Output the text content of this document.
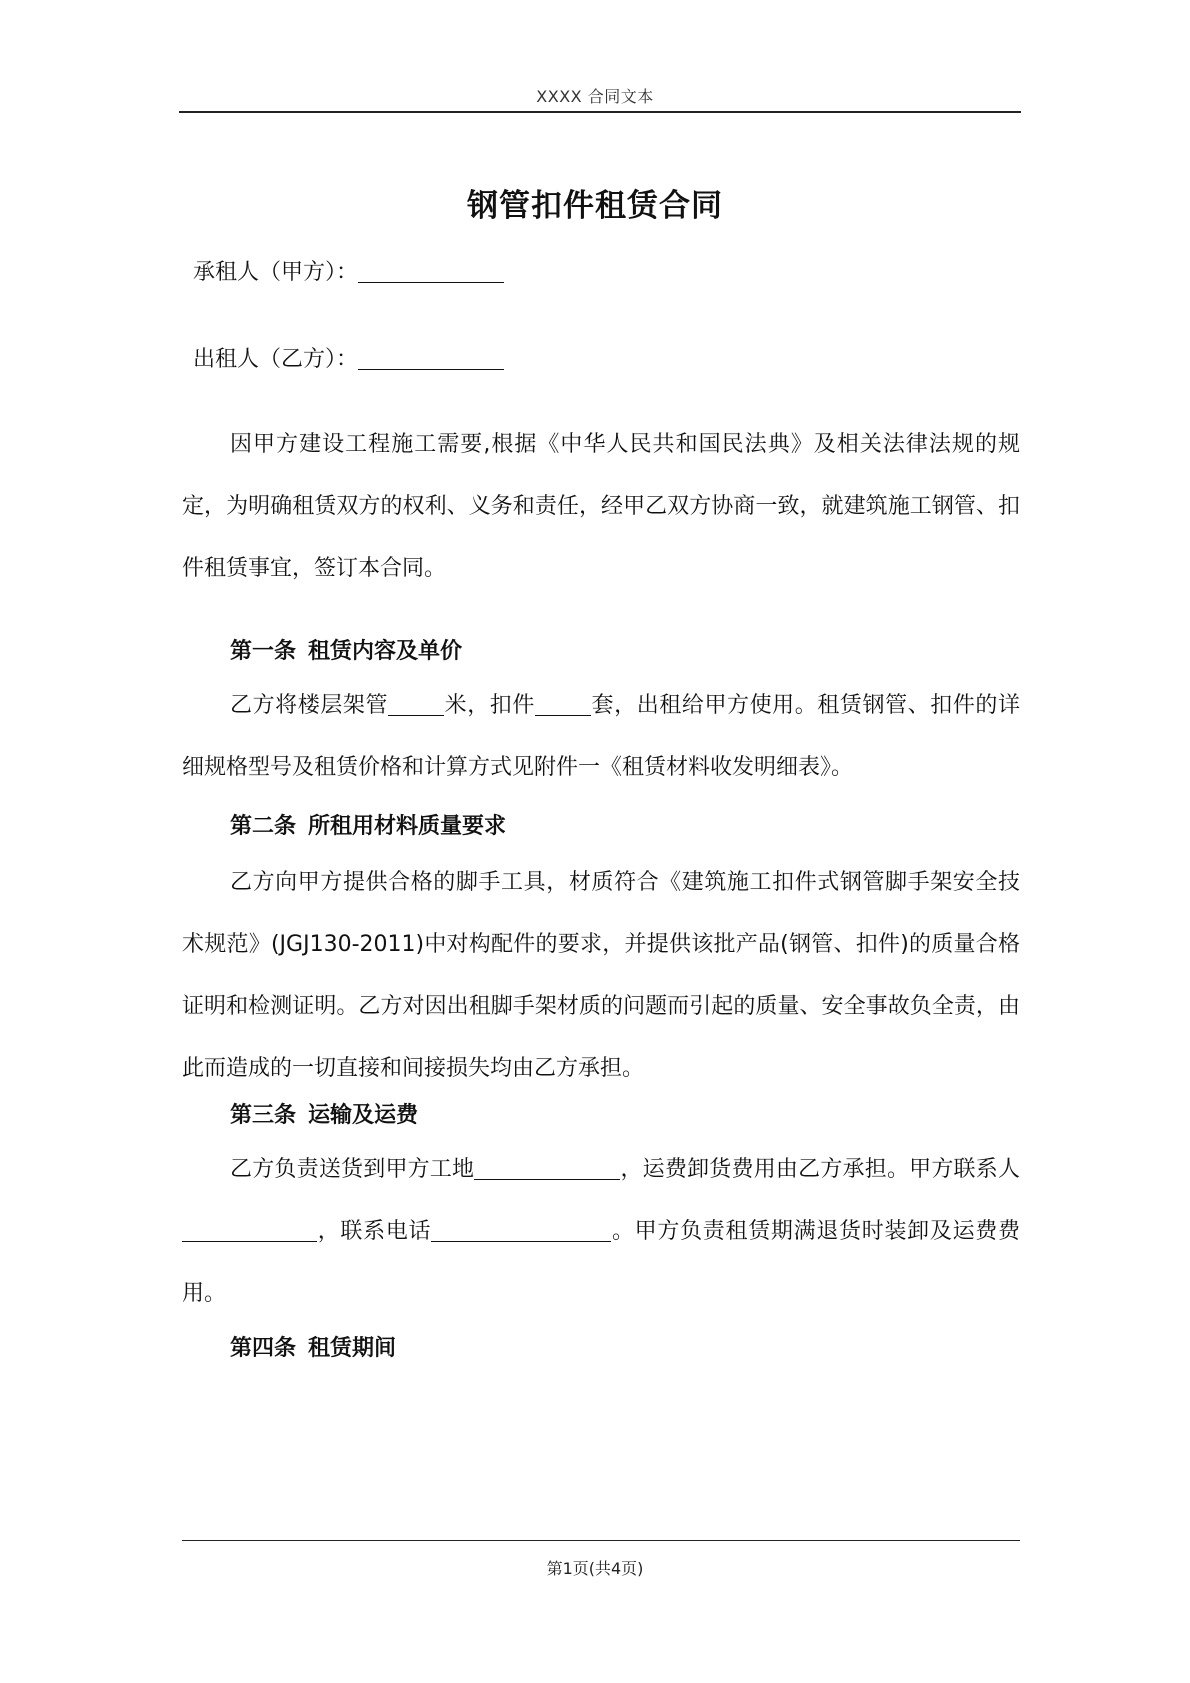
XXXX 合同文本
钢管扣件租赁合同
承租人（甲方）：
出租人（乙方）：

因甲方建设工程施工需要,根据《中华人民共和国民法典》及相关法律法规的规定，为明确租赁双方的权利、义务和责任，经甲乙双方协商一致，就建筑施工钢管、扣件租赁事宜，签订本合同。

第一条 租赁内容及单价

乙方将楼层架管	米，扣件	套，出租给甲方使用。租赁钢管、扣件的详细规格型号及租赁价格和计算方式见附件一《租赁材料收发明细表》。

第二条 所租用材料质量要求

乙方向甲方提供合格的脚手工具，材质符合《建筑施工扣件式钢管脚手架安全技术规范》(JGJ130-2011)中对构配件的要求，并提供该批产品(钢管、扣件)的质量合格证明和检测证明。乙方对因出租脚手架材质的问题而引起的质量、安全事故负全责，由此而造成的一切直接和间接损失均由乙方承担。

第三条 运输及运费

乙方负责送货到甲方工地	，运费卸货费用由乙方承担。甲方联系人，联系电话	。甲方负责租赁期满退货时装卸及运费费用。

第四条 租赁期间
第1页(共4页)
